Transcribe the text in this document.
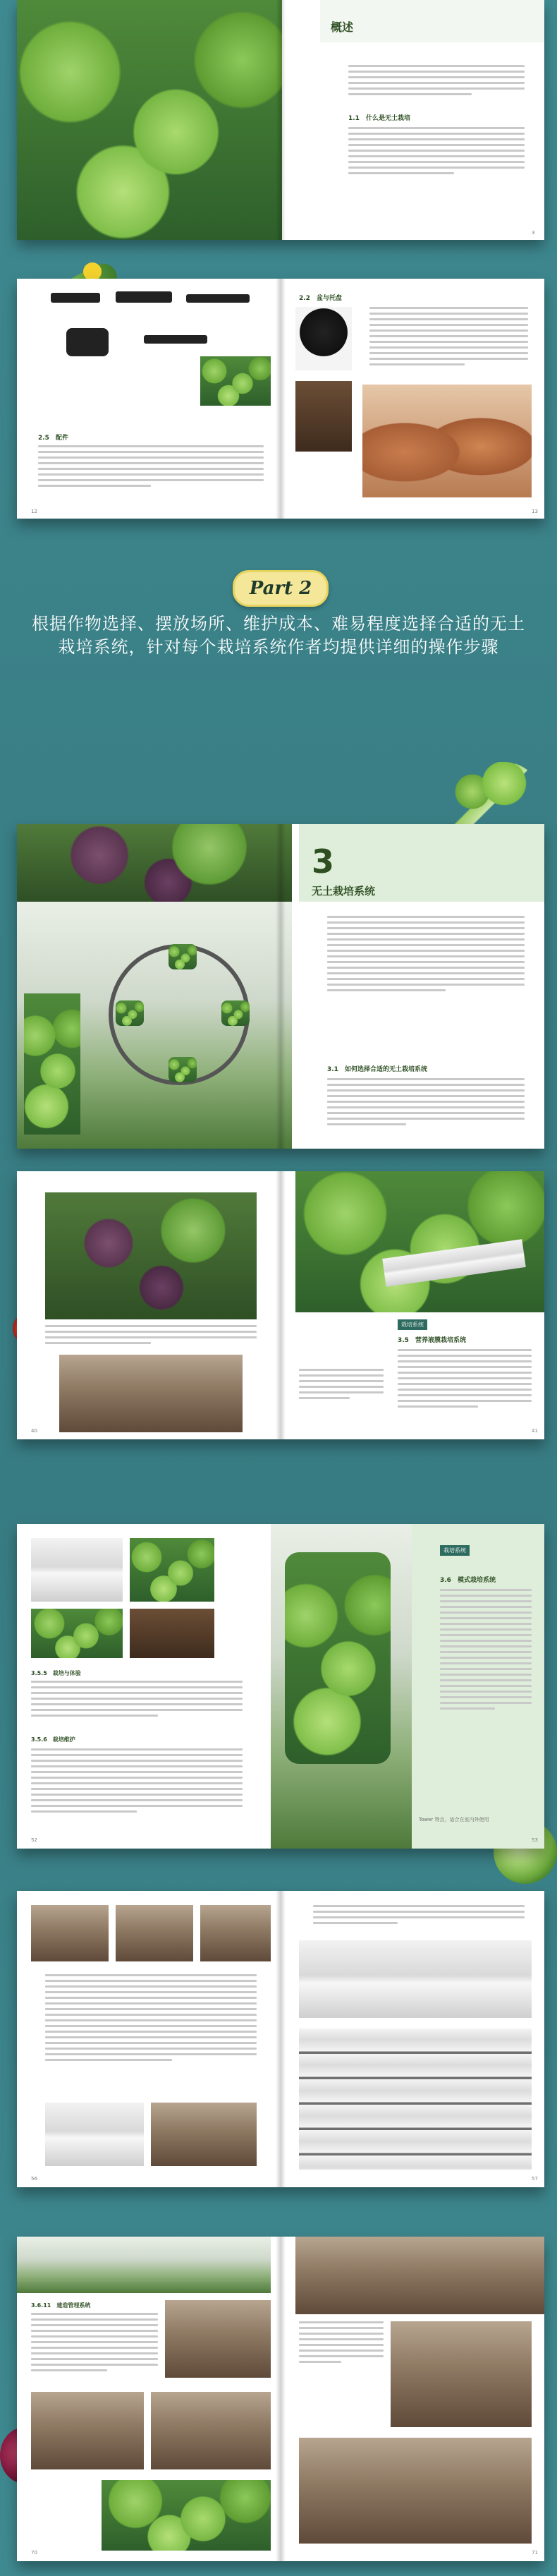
概述
1.1　什么是无土栽培
3
2.5　配件
12
2.2　盆与托盘
13
Part 2
根据作物选择、摆放场所、维护成本、难易程度选择合适的无土栽培系统，针对每个栽培系统作者均提供详细的操作步骤
3
无土栽培系统
3.1　如何选择合适的无土栽培系统
40
栽培系统
3.5　营养液膜栽培系统
41
3.5.5　栽培与体验
3.5.6　栽培维护
52
栽培系统
3.6　模式栽培系统
Tower 特点，适合在室内外使用
53
56	57
3.6.11　建造管理系统
70	71
